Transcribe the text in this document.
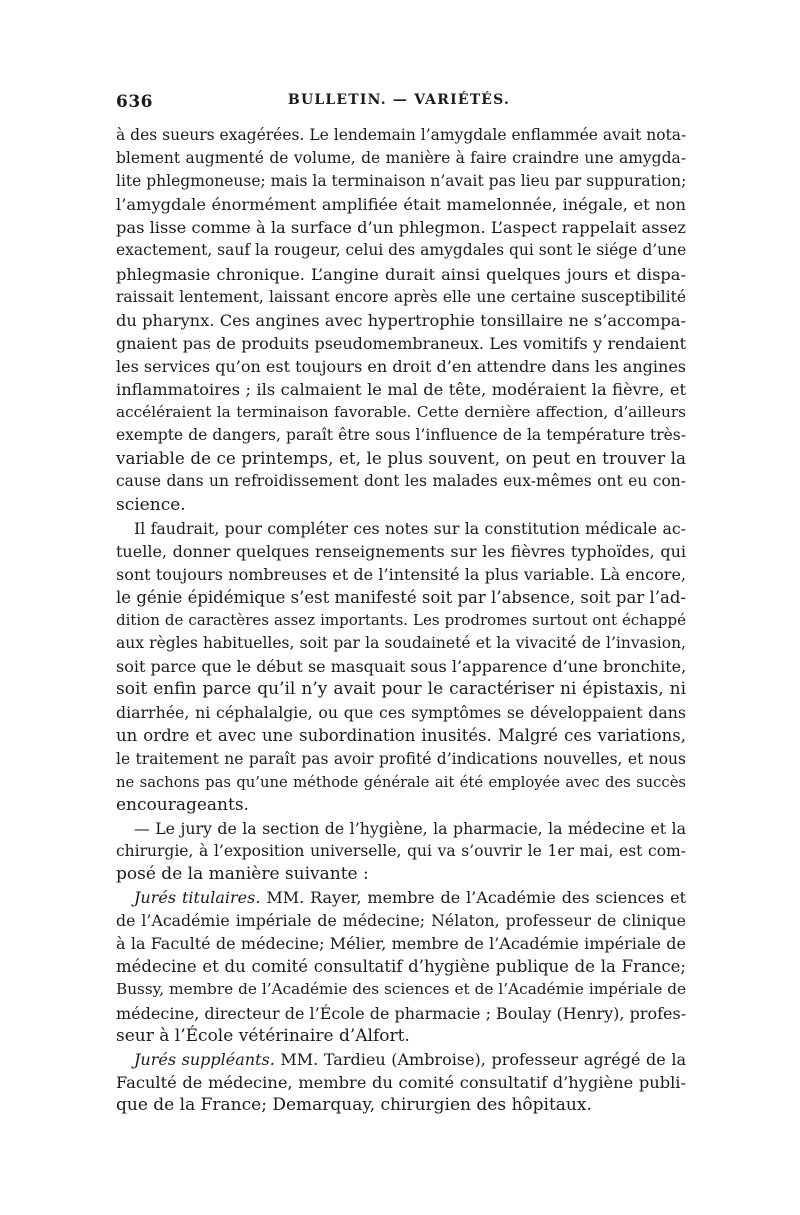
636	BULLETIN. — VARIÉTÉS.
à des sueurs exagérées. Le lendemain l’amygdale enflammée avait nota-
blement augmenté de volume, de manière à faire craindre une amygda-
lite phlegmoneuse; mais la terminaison n’avait pas lieu par suppuration;
l’amygdale énormément amplifiée était mamelonnée, inégale, et non
pas lisse comme à la surface d’un phlegmon. L’aspect rappelait assez
exactement, sauf la rougeur, celui des amygdales qui sont le siége d’une
phlegmasie chronique. L’angine durait ainsi quelques jours et dispa-
raissait lentement, laissant encore après elle une certaine susceptibilité
du pharynx. Ces angines avec hypertrophie tonsillaire ne s’accompa-
gnaient pas de produits pseudomembraneux. Les vomitifs y rendaient
les services qu’on est toujours en droit d’en attendre dans les angines
inflammatoires ; ils calmaient le mal de tête, modéraient la fièvre, et
accéléraient la terminaison favorable. Cette dernière affection, d’ailleurs
exempte de dangers, paraît être sous l’influence de la température très-
variable de ce printemps, et, le plus souvent, on peut en trouver la
cause dans un refroidissement dont les malades eux-mêmes ont eu con-
science.
Il faudrait, pour compléter ces notes sur la constitution médicale ac-
tuelle, donner quelques renseignements sur les fièvres typhoïdes, qui
sont toujours nombreuses et de l’intensité la plus variable. Là encore,
le génie épidémique s’est manifesté soit par l’absence, soit par l’ad-
dition de caractères assez importants. Les prodromes surtout ont échappé
aux règles habituelles, soit par la soudaineté et la vivacité de l’invasion,
soit parce que le début se masquait sous l’apparence d’une bronchite,
soit enfin parce qu’il n’y avait pour le caractériser ni épistaxis, ni
diarrhée, ni céphalalgie, ou que ces symptômes se développaient dans
un ordre et avec une subordination inusités. Malgré ces variations,
le traitement ne paraît pas avoir profité d’indications nouvelles, et nous
ne sachons pas qu’une méthode générale ait été employée avec des succès
encourageants.
— Le jury de la section de l’hygiène, la pharmacie, la médecine et la
chirurgie, à l’exposition universelle, qui va s’ouvrir le 1er mai, est com-
posé de la manière suivante :
Jurés titulaires. MM. Rayer, membre de l’Académie des sciences et
de l’Académie impériale de médecine; Nélaton, professeur de clinique
à la Faculté de médecine; Mélier, membre de l’Académie impériale de
médecine et du comité consultatif d’hygiène publique de la France;
Bussy, membre de l’Académie des sciences et de l’Académie impériale de
médecine, directeur de l’École de pharmacie ; Boulay (Henry), profes-
seur à l’École vétérinaire d’Alfort.
Jurés suppléants. MM. Tardieu (Ambroise), professeur agrégé de la
Faculté de médecine, membre du comité consultatif d’hygiène publi-
que de la France; Demarquay, chirurgien des hôpitaux.
